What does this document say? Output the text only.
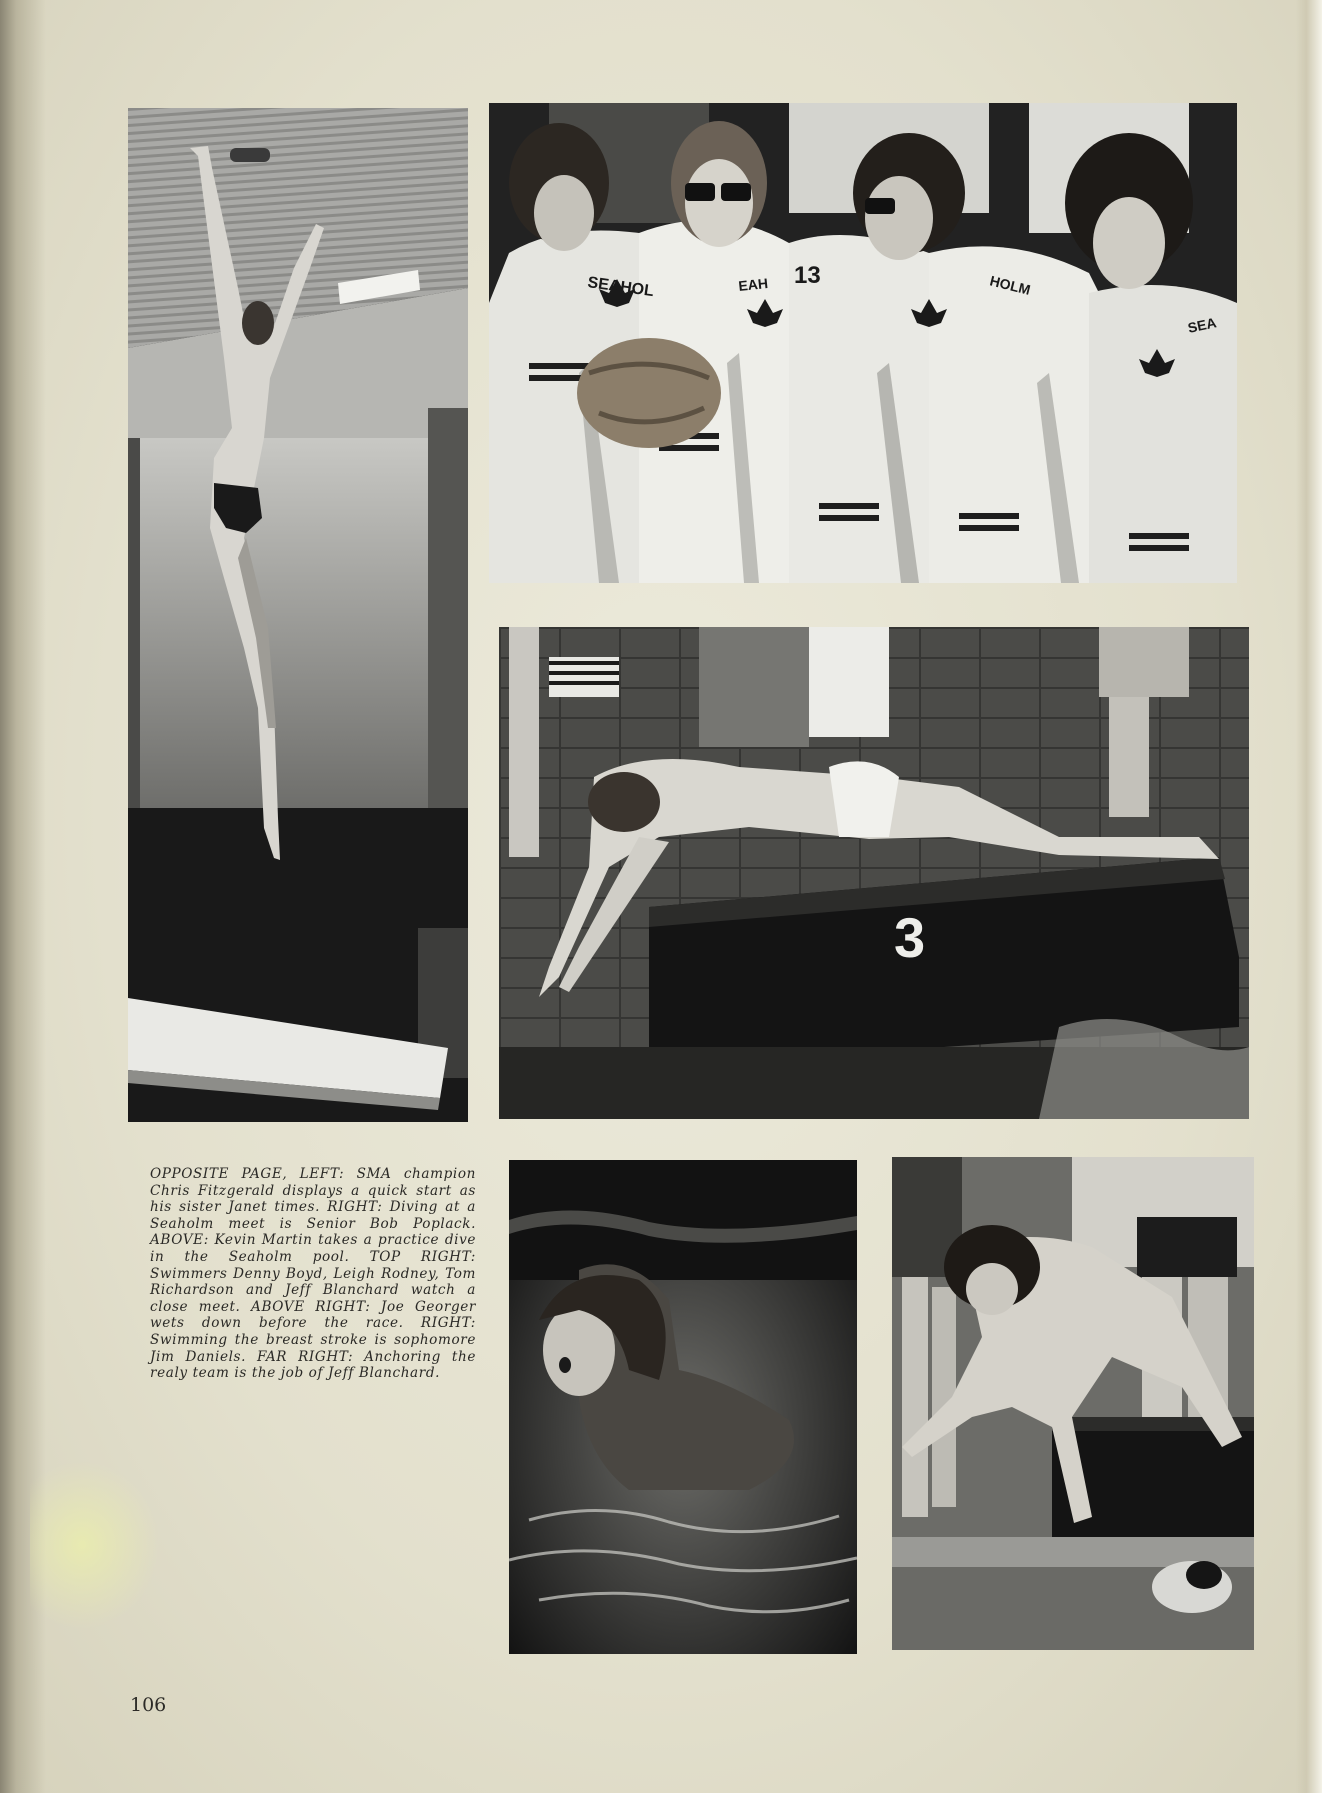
SEAHOL	EAH 13	HOLM
SEA
3

OPPOSITE PAGE, LEFT: SMA champion Chris Fitzgerald displays a quick start as his sister Janet times. RIGHT: Diving at a Seaholm meet is Senior Bob Poplack. ABOVE: Kevin Martin takes a practice dive in the Seaholm pool. TOP RIGHT: Swimmers Denny Boyd, Leigh Rodney, Tom Richardson and Jeff Blanchard watch a close meet. ABOVE RIGHT: Joe Georger wets down before the race. RIGHT: Swimming the breast stroke is sophomore Jim Daniels. FAR RIGHT: Anchoring the realy team is the job of Jeff Blanchard.

106
